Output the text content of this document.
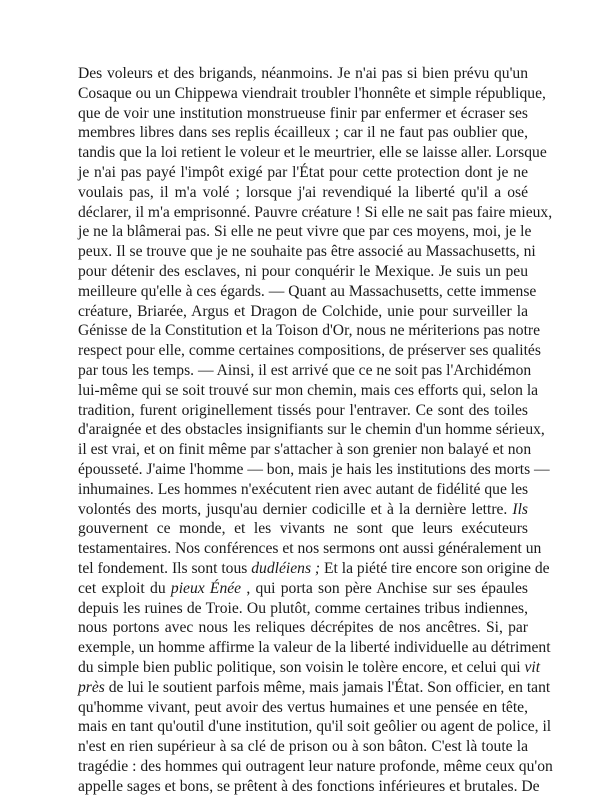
Des voleurs et des brigands, néanmoins. Je n'ai pas si bien prévu qu'un
Cosaque ou un Chippewa viendrait troubler l'honnête et simple république,
que de voir une institution monstrueuse finir par enfermer et écraser ses
membres libres dans ses replis écailleux ; car il ne faut pas oublier que,
tandis que la loi retient le voleur et le meurtrier, elle se laisse aller. Lorsque
je n'ai pas payé l'impôt exigé par l'État pour cette protection dont je ne
voulais pas, il m'a volé ; lorsque j'ai revendiqué la liberté qu'il a osé
déclarer, il m'a emprisonné. Pauvre créature ! Si elle ne sait pas faire mieux,
je ne la blâmerai pas. Si elle ne peut vivre que par ces moyens, moi, je le
peux. Il se trouve que je ne souhaite pas être associé au Massachusetts, ni
pour détenir des esclaves, ni pour conquérir le Mexique. Je suis un peu
meilleure qu'elle à ces égards. — Quant au Massachusetts, cette immense
créature, Briarée, Argus et Dragon de Colchide, unie pour surveiller la
Génisse de la Constitution et la Toison d'Or, nous ne mériterions pas notre
respect pour elle, comme certaines compositions, de préserver ses qualités
par tous les temps. — Ainsi, il est arrivé que ce ne soit pas l'Archidémon
lui-même qui se soit trouvé sur mon chemin, mais ces efforts qui, selon la
tradition, furent originellement tissés pour l'entraver. Ce sont des toiles
d'araignée et des obstacles insignifiants sur le chemin d'un homme sérieux,
il est vrai, et on finit même par s'attacher à son grenier non balayé et non
épousseté. J'aime l'homme — bon, mais je hais les institutions des morts —
inhumaines. Les hommes n'exécutent rien avec autant de fidélité que les
volontés des morts, jusqu'au dernier codicille et à la dernière lettre. Ils
gouvernent ce monde, et les vivants ne sont que leurs exécuteurs
testamentaires. Nos conférences et nos sermons ont aussi généralement un
tel fondement. Ils sont tous dudléiens ; Et la piété tire encore son origine de
cet exploit du pieux Énée , qui porta son père Anchise sur ses épaules
depuis les ruines de Troie. Ou plutôt, comme certaines tribus indiennes,
nous portons avec nous les reliques décrépites de nos ancêtres. Si, par
exemple, un homme affirme la valeur de la liberté individuelle au détriment
du simple bien public politique, son voisin le tolère encore, et celui qui vit
près de lui le soutient parfois même, mais jamais l'État. Son officier, en tant
qu'homme vivant, peut avoir des vertus humaines et une pensée en tête,
mais en tant qu'outil d'une institution, qu'il soit geôlier ou agent de police, il
n'est en rien supérieur à sa clé de prison ou à son bâton. C'est là toute la
tragédie : des hommes qui outragent leur nature profonde, même ceux qu'on
appelle sages et bons, se prêtent à des fonctions inférieures et brutales. De
